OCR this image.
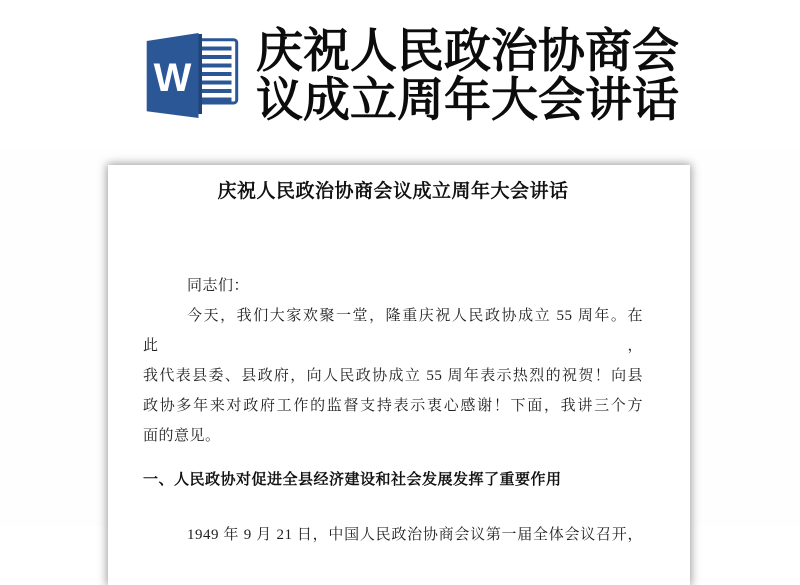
W
庆祝人民政治协商会议成立周年大会讲话
庆祝人民政治协商会议成立周年大会讲话

同志们：

今天，我们大家欢聚一堂，隆重庆祝人民政协成立 55 周年。在此，
我代表县委、县政府，向人民政协成立 55 周年表示热烈的祝贺！向县
政协多年来对政府工作的监督支持表示衷心感谢！下面，我讲三个方
面的意见。
一、人民政协对促进全县经济建设和社会发展发挥了重要作用
1949 年 9 月 21 日，中国人民政治协商会议第一届全体会议召开，
